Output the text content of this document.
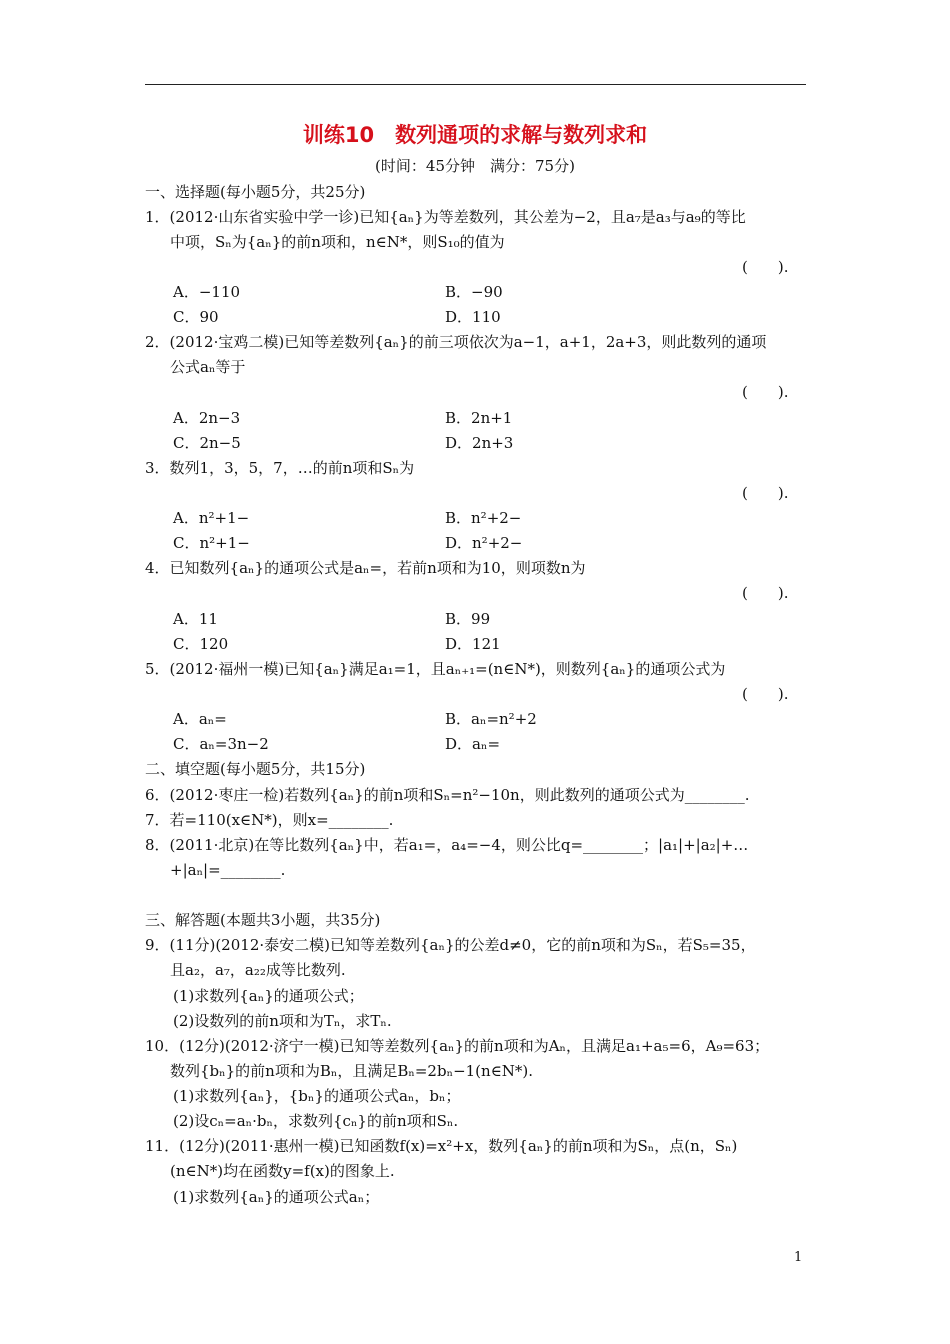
训练10　数列通项的求解与数列求和
(时间：45分钟　满分：75分)
一、选择题(每小题5分，共25分)
1．(2012·山东省实验中学一诊)已知{aₙ}为等差数列，其公差为−2，且a₇是a₃与a₉的等比
中项，Sₙ为{aₙ}的前n项和，n∈N*，则S₁₀的值为
(　　).
A．−110	B．−90
C．90	D．110
2．(2012·宝鸡二模)已知等差数列{aₙ}的前三项依次为a−1，a+1，2a+3，则此数列的通项
公式aₙ等于
(　　).
A．2n−3	B．2n+1
C．2n−5	D．2n+3
3．数列1，3，5，7，…的前n项和Sₙ为
(　　).
A．n²+1−	B．n²+2−
C．n²+1−	D．n²+2−
4．已知数列{aₙ}的通项公式是aₙ=，若前n项和为10，则项数n为
(　　).
A．11	B．99
C．120	D．121
5．(2012·福州一模)已知{aₙ}满足a₁=1，且aₙ₊₁=(n∈N*)，则数列{aₙ}的通项公式为
(　　).
A．aₙ=	B．aₙ=n²+2
C．aₙ=3n−2	D．aₙ=
二、填空题(每小题5分，共15分)
6．(2012·枣庄一检)若数列{aₙ}的前n项和Sₙ=n²−10n，则此数列的通项公式为________.
7．若=110(x∈N*)，则x=________.
8．(2011·北京)在等比数列{aₙ}中，若a₁=，a₄=−4，则公比q=________；|a₁|+|a₂|+…
+|aₙ|=________.
三、解答题(本题共3小题，共35分)
9．(11分)(2012·泰安二模)已知等差数列{aₙ}的公差d≠0，它的前n项和为Sₙ，若S₅=35，
且a₂，a₇，a₂₂成等比数列.
(1)求数列{aₙ}的通项公式；
(2)设数列的前n项和为Tₙ，求Tₙ.
10．(12分)(2012·济宁一模)已知等差数列{aₙ}的前n项和为Aₙ，且满足a₁+a₅=6，A₉=63；
数列{bₙ}的前n项和为Bₙ，且满足Bₙ=2bₙ−1(n∈N*).
(1)求数列{aₙ}，{bₙ}的通项公式aₙ，bₙ；
(2)设cₙ=aₙ·bₙ，求数列{cₙ}的前n项和Sₙ.
11．(12分)(2011·惠州一模)已知函数f(x)=x²+x，数列{aₙ}的前n项和为Sₙ，点(n，Sₙ)
(n∈N*)均在函数y=f(x)的图象上.
(1)求数列{aₙ}的通项公式aₙ；
1
